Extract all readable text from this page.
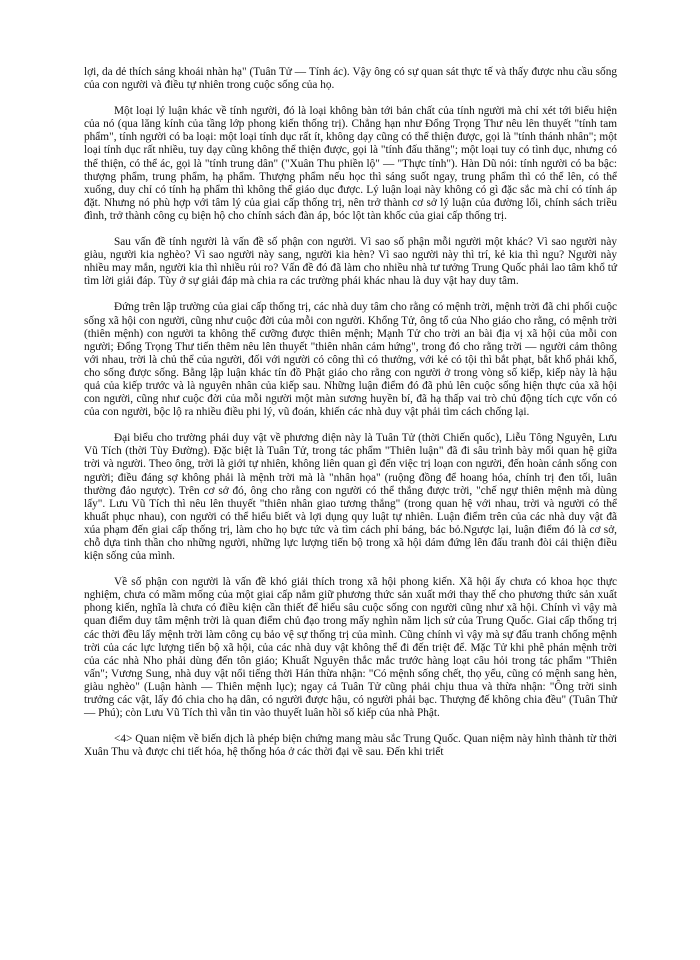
lợi, da dẻ thích sảng khoái nhàn hạ" (Tuân Tử — Tính ác). Vậy ông có sự quan sát thực tế và thấy được nhu cầu sống của con người và điều tự nhiên trong cuộc sống của họ.

Một loại lý luận khác về tính người, đó là loại không bàn tới bản chất của tính người mà chỉ xét tới biểu hiện của nó (qua lăng kính của tầng lớp phong kiến thống trị). Chẳng hạn như Đổng Trọng Thư nêu lên thuyết "tính tam phẩm", tính người có ba loại: một loại tính dục rất ít, không dạy cũng có thể thiện được, gọi là "tính thánh nhân"; một loại tính dục rất nhiều, tuy dạy cũng không thể thiện được, gọi là "tính đấu thăng"; một loại tuy có tình dục, nhưng có thể thiện, có thể ác, gọi là "tính trung dân" ("Xuân Thu phiền lộ" — "Thực tính"). Hàn Dũ nói: tính người có ba bậc: thượng phẩm, trung phẩm, hạ phẩm. Thượng phẩm nếu học thì sáng suốt ngay, trung phẩm thì có thể lên, có thể xuống, duy chỉ có tính hạ phẩm thì không thể giáo dục được. Lý luận loại này không có gì đặc sắc mà chỉ có tính áp đặt. Nhưng nó phù hợp với tâm lý của giai cấp thống trị, nên trở thành cơ sở lý luận của đường lối, chính sách triều đình, trở thành công cụ biện hộ cho chính sách đàn áp, bóc lột tàn khốc của giai cấp thống trị.

Sau vấn đề tính người là vấn đề số phận con người. Vì sao số phận mỗi người một khác? Vì sao người này giàu, người kia nghèo? Vì sao người này sang, người kia hèn? Vì sao người này thì trí, kẻ kia thì ngu? Người này nhiều may mắn, người kia thì nhiều rủi ro? Vấn đề đó đã làm cho nhiều nhà tư tưởng Trung Quốc phải lao tâm khổ tứ tìm lời giải đáp. Tùy ở sự giải đáp mà chia ra các trường phái khác nhau là duy vật hay duy tâm.

Đứng trên lập trường của giai cấp thống trị, các nhà duy tâm cho rằng có mệnh trời, mệnh trời đã chi phối cuộc sống xã hội con người, cũng như cuộc đời của mỗi con người. Khổng Tử, ông tổ của Nho giáo cho rằng, có mệnh trời (thiên mệnh) con người ta không thể cưỡng được thiên mệnh; Mạnh Tử cho trời an bài địa vị xã hội của mỗi con người; Đổng Trọng Thư tiến thêm nêu lên thuyết "thiên nhân cảm hứng", trong đó cho rằng trời — người cảm thông với nhau, trời là chủ thể của người, đối với người có công thì có thưởng, với kẻ có tội thì bắt phạt, bắt khổ phải khổ, cho sống được sống. Bằng lập luận khác tín đồ Phật giáo cho rằng con người ở trong vòng số kiếp, kiếp này là hậu quả của kiếp trước và là nguyên nhân của kiếp sau. Những luận điểm đó đã phủ lên cuộc sống hiện thực của xã hội con người, cũng như cuộc đời của mỗi người một màn sương huyền bí, đã hạ thấp vai trò chủ động tích cực vốn có của con người, bộc lộ ra nhiều điều phi lý, vũ đoán, khiến các nhà duy vật phải tìm cách chống lại.

Đại biểu cho trường phái duy vật về phương diện này là Tuân Tử (thời Chiến quốc), Liễu Tông Nguyên, Lưu Vũ Tích (thời Tùy Đường). Đặc biệt là Tuân Tử, trong tác phẩm "Thiên luận" đã đi sâu trình bày mối quan hệ giữa trời và người. Theo ông, trời là giới tự nhiên, không liên quan gì đến việc trị loạn con người, đến hoàn cảnh sống con người; điều đáng sợ không phải là mệnh trời mà là "nhân họa" (ruộng đồng để hoang hóa, chính trị đen tối, luân thường đảo ngược). Trên cơ sở đó, ông cho rằng con người có thể thắng được trời, "chế ngự thiên mệnh mà dùng lấy". Lưu Vũ Tích thì nêu lên thuyết "thiên nhân giao tương thắng" (trong quan hệ với nhau, trời và người có thể khuất phục nhau), con người có thể hiểu biết và lợi dụng quy luật tự nhiên. Luận điểm trên của các nhà duy vật đã xúa phạm đến giai cấp thống trị, làm cho họ bực tức và tìm cách phỉ báng, bác bỏ.Ngược lại, luận điểm đó là cơ sở, chỗ dựa tinh thần cho những người, những lực lượng tiến bộ trong xã hội dám đứng lên đấu tranh đòi cải thiện điều kiện sống của mình.

Về số phận con người là vấn đề khó giải thích trong xã hội phong kiến. Xã hội ấy chưa có khoa học thực nghiệm, chưa có mầm mống của một giai cấp nắm giữ phương thức sản xuất mới thay thế cho phương thức sản xuất phong kiến, nghĩa là chưa có điều kiện cần thiết để hiểu sâu cuộc sống con người cũng như xã hội. Chính vì vậy mà quan điểm duy tâm mệnh trời là quan điểm chủ đạo trong mấy nghìn năm lịch sử của Trung Quốc. Giai cấp thống trị các thời đều lấy mệnh trời làm công cụ bảo vệ sự thống trị của mình. Cũng chính vì vậy mà sự đấu tranh chống mệnh trời của các lực lượng tiến bộ xã hội, của các nhà duy vật không thể đi đến triệt để. Mặc Tử khi phê phán mệnh trời của các nhà Nho phải dùng đến tôn giáo; Khuất Nguyên thắc mắc trước hàng loạt câu hỏi trong tác phẩm "Thiên vấn"; Vương Sung, nhà duy vật nổi tiếng thời Hán thừa nhận: "Có mệnh sống chết, thọ yểu, cũng có mệnh sang hèn, giàu nghèo" (Luận hành — Thiên mệnh lục); ngay cả Tuân Tử cũng phải chịu thua và thừa nhận: "Ông trời sinh trưởng các vật, lấy đó chia cho hạ dân, có người được hậu, có người phải bạc. Thượng đế không chia đều" (Tuân Thử — Phú); còn Lưu Vũ Tích thì vẫn tin vào thuyết luân hồi số kiếp của nhà Phật.

<4> Quan niệm về biến dịch là phép biện chứng mang màu sắc Trung Quốc. Quan niệm này hình thành từ thời Xuân Thu và được chi tiết hóa, hệ thống hóa ở các thời đại về sau. Đến khi triết
